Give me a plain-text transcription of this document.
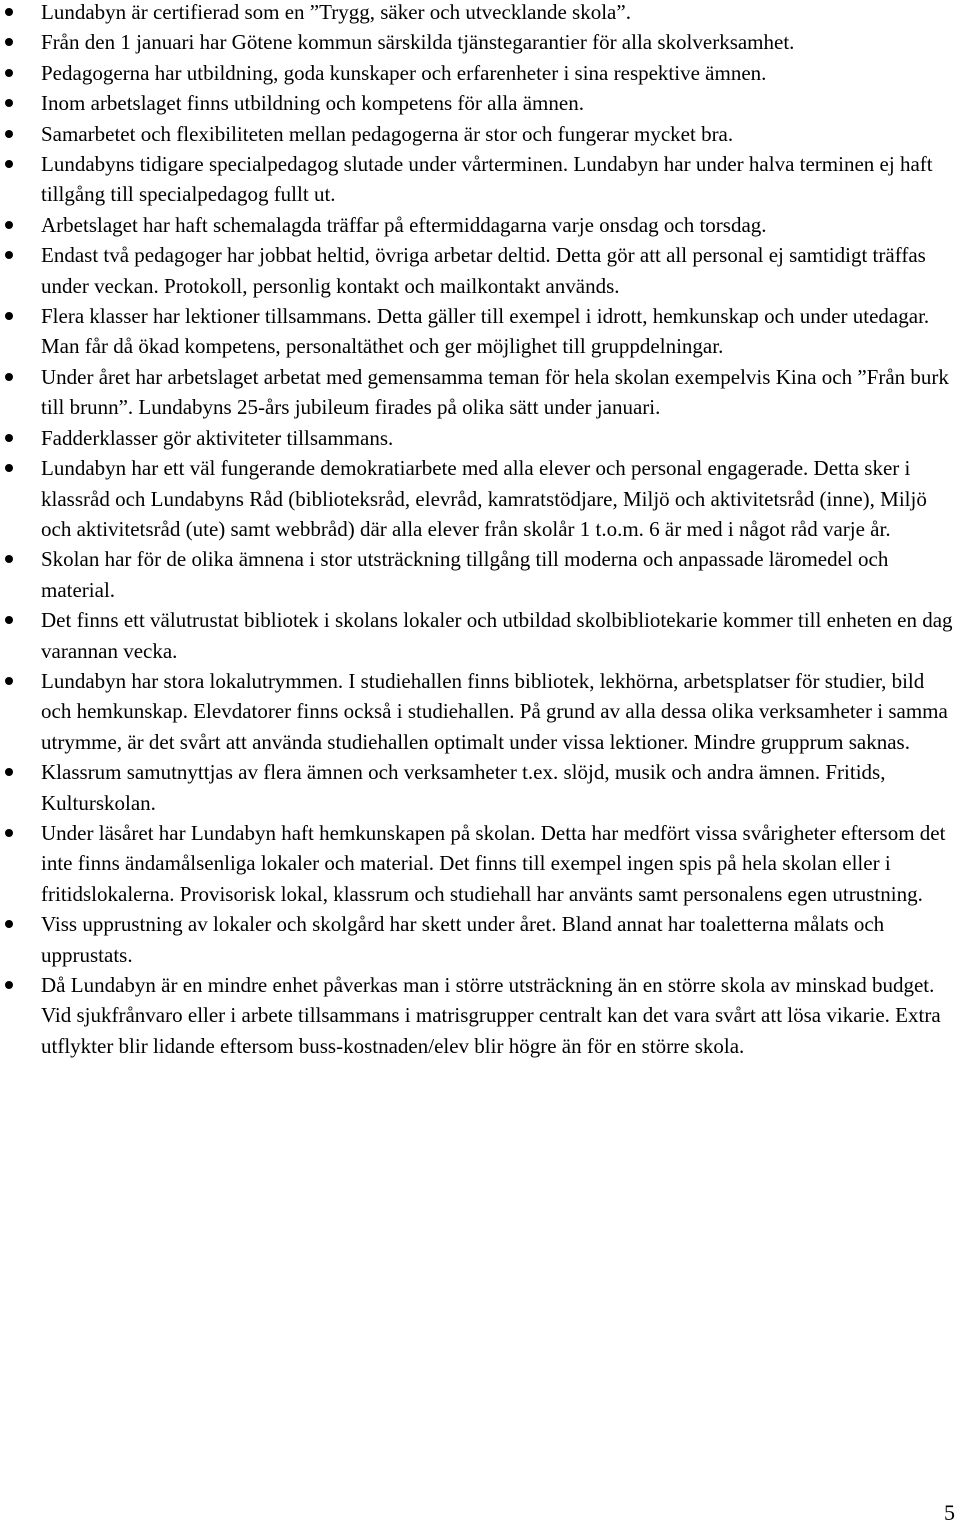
Lundabyn är certifierad som en ”Trygg, säker och utvecklande skola”.
Från den 1 januari har Götene kommun särskilda tjänstegarantier för alla skolverksamhet.
Pedagogerna har utbildning, goda kunskaper och erfarenheter i sina respektive ämnen.
Inom arbetslaget finns utbildning och kompetens för alla ämnen.
Samarbetet och flexibiliteten mellan pedagogerna är stor och fungerar mycket bra.
Lundabyns tidigare specialpedagog slutade under vårterminen. Lundabyn har under halva terminen ej haft tillgång till specialpedagog fullt ut.
Arbetslaget har haft schemalagda träffar på eftermiddagarna varje onsdag och torsdag.
Endast två pedagoger har jobbat heltid, övriga arbetar deltid. Detta gör att all personal ej samtidigt träffas under veckan. Protokoll, personlig kontakt och mailkontakt används.
Flera klasser har lektioner tillsammans. Detta gäller till exempel i idrott, hemkunskap och under utedagar. Man får då ökad kompetens, personaltäthet och ger möjlighet till gruppdelningar.
Under året har arbetslaget arbetat med gemensamma teman för hela skolan exempelvis Kina och ”Från burk till brunn”. Lundabyns 25-års jubileum firades på olika sätt under januari.
Fadderklasser gör aktiviteter tillsammans.
Lundabyn har ett väl fungerande demokratiarbete med alla elever och personal engagerade. Detta sker i klassråd och Lundabyns Råd (biblioteksråd, elevråd, kamratstödjare, Miljö och aktivitetsråd (inne), Miljö och aktivitetsråd (ute) samt webbråd) där alla elever från skolår 1 t.o.m. 6 är med i något råd varje år.
Skolan har för de olika ämnena i stor utsträckning tillgång till moderna och anpassade läromedel och material.
Det finns ett välutrustat bibliotek i skolans lokaler och utbildad skolbibliotekarie kommer till enheten en dag varannan vecka.
Lundabyn har stora lokalutrymmen. I studiehallen finns bibliotek, lekhörna, arbetsplatser för studier, bild och hemkunskap. Elevdatorer finns också i studiehallen. På grund av alla dessa olika verksamheter i samma utrymme, är det svårt att använda studiehallen optimalt under vissa lektioner. Mindre grupprum saknas.
Klassrum samutnyttjas av flera ämnen och verksamheter t.ex. slöjd, musik och andra ämnen. Fritids, Kulturskolan.
Under läsåret har Lundabyn haft hemkunskapen på skolan. Detta har medfört vissa svårigheter eftersom det inte finns ändamålsenliga lokaler och material. Det finns till exempel ingen spis på hela skolan eller i fritidslokalerna. Provisorisk lokal, klassrum och studiehall har använts samt personalens egen utrustning.
Viss upprustning av lokaler och skolgård har skett under året. Bland annat har toaletterna målats och upprustats.
Då Lundabyn är en mindre enhet påverkas man i större utsträckning än en större skola av minskad budget. Vid sjukfrånvaro eller i arbete tillsammans i matrisgrupper centralt kan det vara svårt att lösa vikarie. Extra utflykter blir lidande eftersom buss-kostnaden/elev blir högre än för en större skola.
5
